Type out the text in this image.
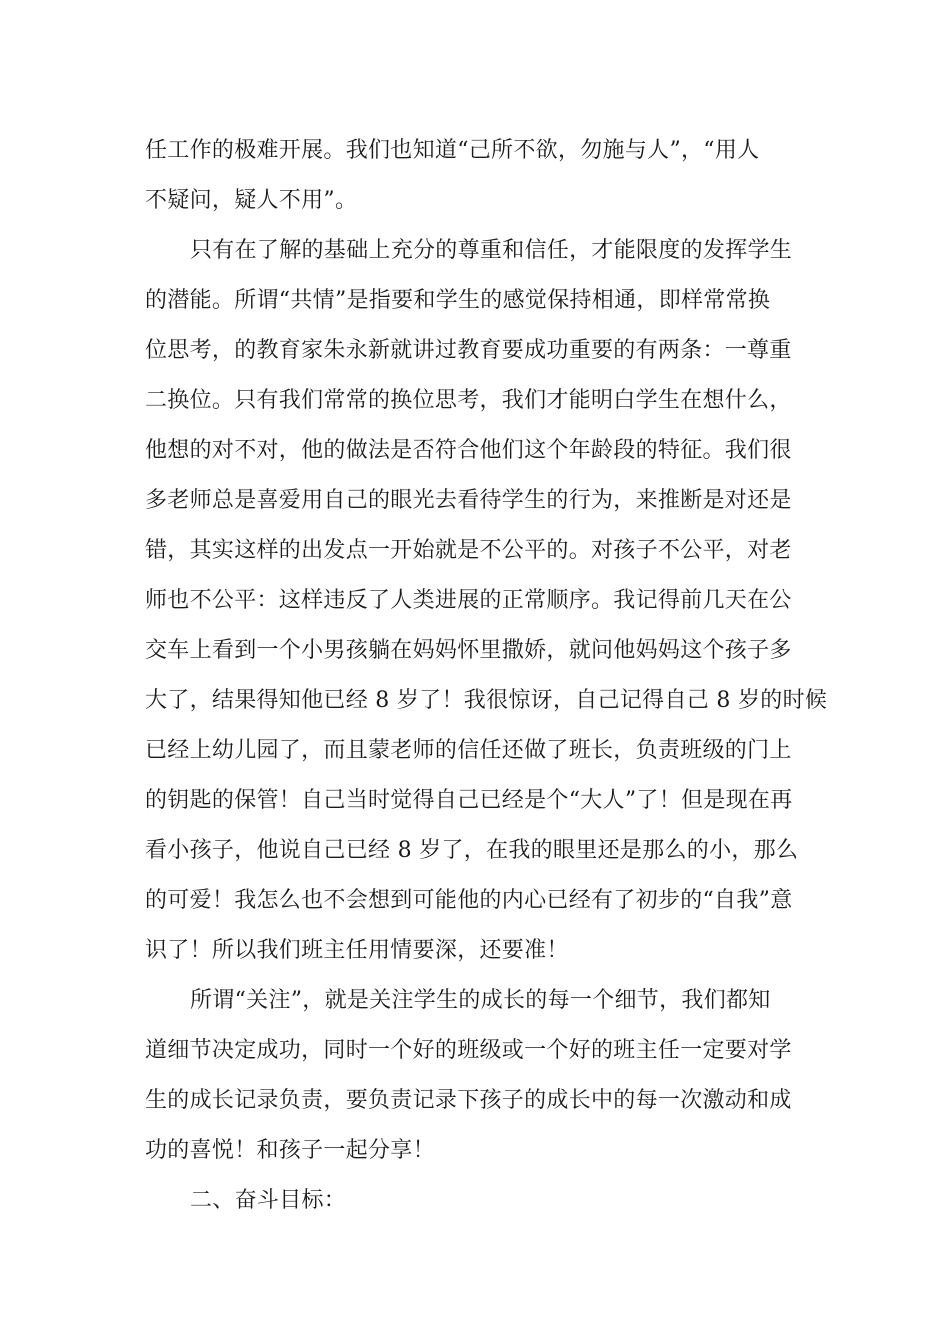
任工作的极难开展。我们也知道“己所不欲，勿施与人”，“用人
不疑问，疑人不用”。
只有在了解的基础上充分的尊重和信任，才能限度的发挥学生
的潜能。所谓“共情”是指要和学生的感觉保持相通，即样常常换
位思考，的教育家朱永新就讲过教育要成功重要的有两条：一尊重
二换位。只有我们常常的换位思考，我们才能明白学生在想什么，
他想的对不对，他的做法是否符合他们这个年龄段的特征。我们很
多老师总是喜爱用自己的眼光去看待学生的行为，来推断是对还是
错，其实这样的出发点一开始就是不公平的。对孩子不公平，对老
师也不公平：这样违反了人类进展的正常顺序。我记得前几天在公
交车上看到一个小男孩躺在妈妈怀里撒娇，就问他妈妈这个孩子多
大了，结果得知他已经 8 岁了！我很惊讶，自己记得自己 8 岁的时候
已经上幼儿园了，而且蒙老师的信任还做了班长，负责班级的门上
的钥匙的保管！自己当时觉得自己已经是个“大人”了！但是现在再
看小孩子，他说自己已经 8 岁了，在我的眼里还是那么的小，那么
的可爱！我怎么也不会想到可能他的内心已经有了初步的“自我”意
识了！所以我们班主任用情要深，还要准！
所谓“关注”，就是关注学生的成长的每一个细节，我们都知
道细节决定成功，同时一个好的班级或一个好的班主任一定要对学
生的成长记录负责，要负责记录下孩子的成长中的每一次激动和成
功的喜悦！和孩子一起分享！
二、奋斗目标：
